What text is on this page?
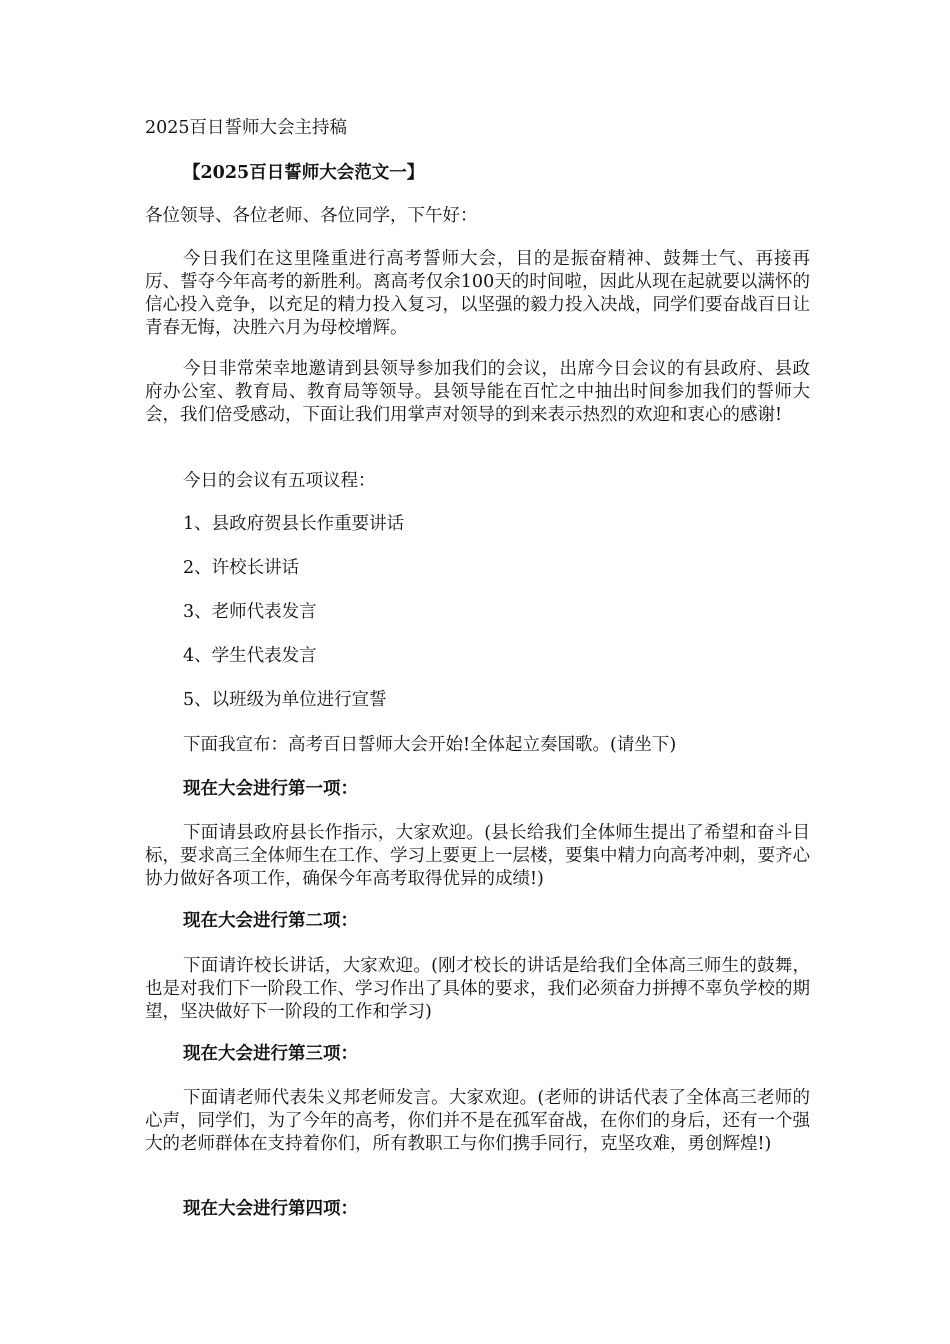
2025百日誓师大会主持稿
【2025百日誓师大会范文一】
各位领导、各位老师、各位同学，下午好：

今日我们在这里隆重进行高考誓师大会，目的是振奋精神、鼓舞士气、再接再厉、誓夺今年高考的新胜利。离高考仅余100天的时间啦，因此从现在起就要以满怀的信心投入竞争，以充足的精力投入复习，以坚强的毅力投入决战，同学们要奋战百日让青春无悔，决胜六月为母校增辉。

今日非常荣幸地邀请到县领导参加我们的会议，出席今日会议的有县政府、县政府办公室、教育局、教育局等领导。县领导能在百忙之中抽出时间参加我们的誓师大会，我们倍受感动，下面让我们用掌声对领导的到来表示热烈的欢迎和衷心的感谢!

今日的会议有五项议程：
1、县政府贺县长作重要讲话
2、许校长讲话
3、老师代表发言
4、学生代表发言
5、以班级为单位进行宣誓
下面我宣布：高考百日誓师大会开始!全体起立奏国歌。(请坐下)
现在大会进行第一项：

下面请县政府县长作指示，大家欢迎。(县长给我们全体师生提出了希望和奋斗目标，要求高三全体师生在工作、学习上要更上一层楼，要集中精力向高考冲刺，要齐心协力做好各项工作，确保今年高考取得优异的成绩!)

现在大会进行第二项：

下面请许校长讲话，大家欢迎。(刚才校长的讲话是给我们全体高三师生的鼓舞，也是对我们下一阶段工作、学习作出了具体的要求，我们必须奋力拼搏不辜负学校的期望，坚决做好下一阶段的工作和学习)

现在大会进行第三项：

下面请老师代表朱义邦老师发言。大家欢迎。(老师的讲话代表了全体高三老师的心声，同学们，为了今年的高考，你们并不是在孤军奋战，在你们的身后，还有一个强大的老师群体在支持着你们，所有教职工与你们携手同行，克坚攻难，勇创辉煌!)

现在大会进行第四项：
